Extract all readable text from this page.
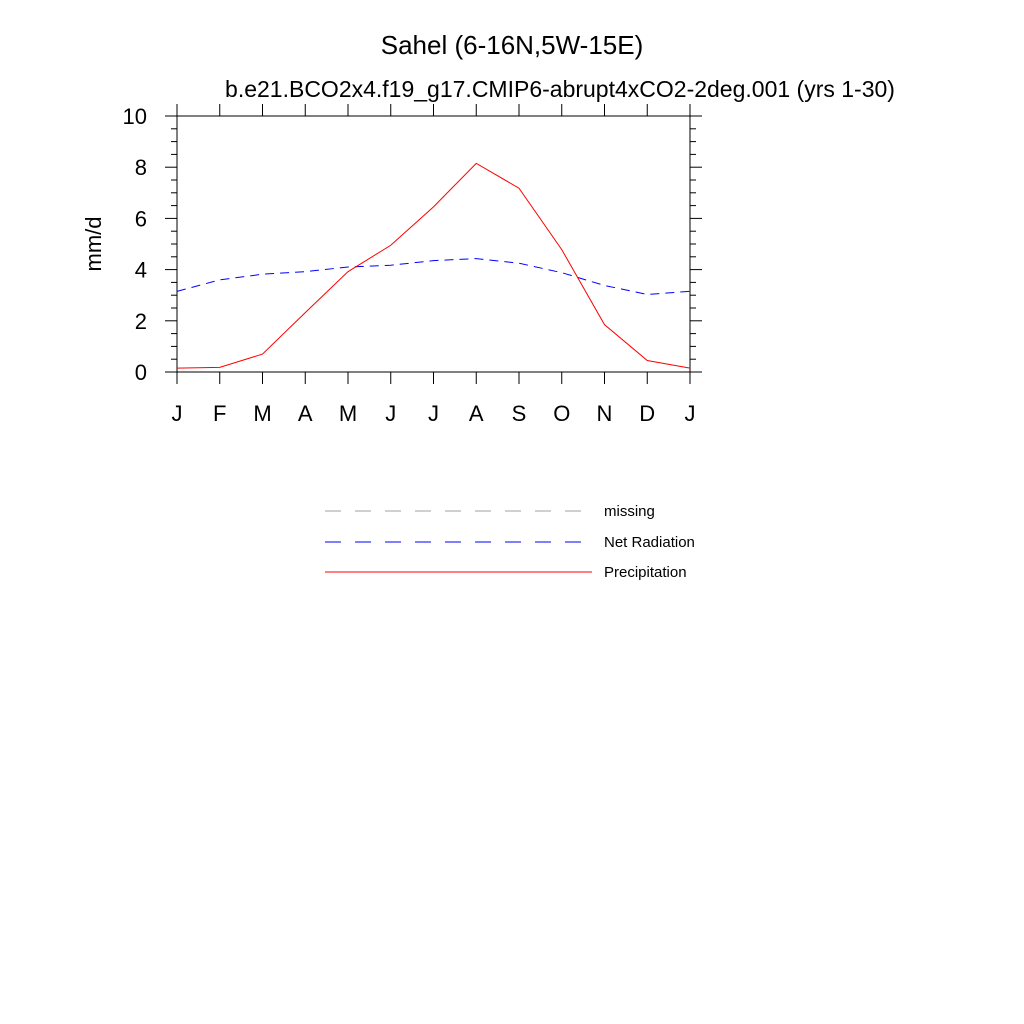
Sahel (6-16N,5W-15E)
b.e21.BCO2x4.f19_g17.CMIP6-abrupt4xCO2-2deg.001 (yrs 1-30)
mm/d
J F M A M J J A S O N D J
0
2
4
6
8
10
missing
Net Radiation
Precipitation
